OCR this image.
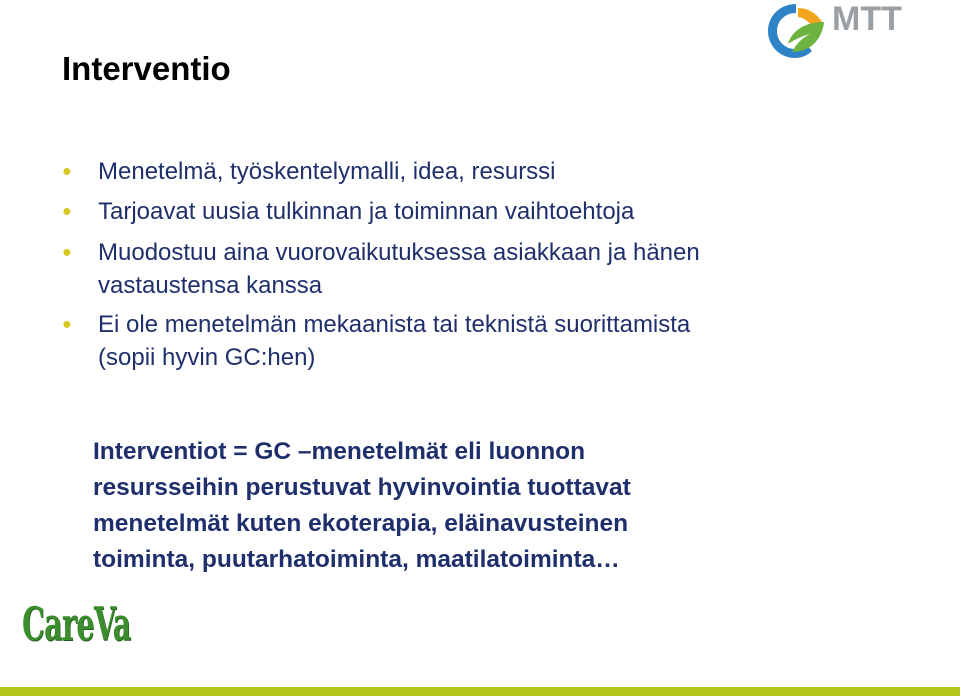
MTT
Interventio
● Menetelmä, työskentelymalli, idea, resurssi
● Tarjoavat uusia tulkinnan ja toiminnan vaihtoehtoja
● Muodostuu aina vuorovaikutuksessa asiakkaan ja hänen
vastaustensa kanssa
● Ei ole menetelmän mekaanista tai teknistä suorittamista
(sopii hyvin GC:hen)

Interventiot = GC –menetelmät eli luonnon
resursseihin perustuvat hyvinvointia tuottavat
menetelmät kuten ekoterapia, eläinavusteinen
toiminta, puutarhatoiminta, maatilatoiminta…

CareVa
